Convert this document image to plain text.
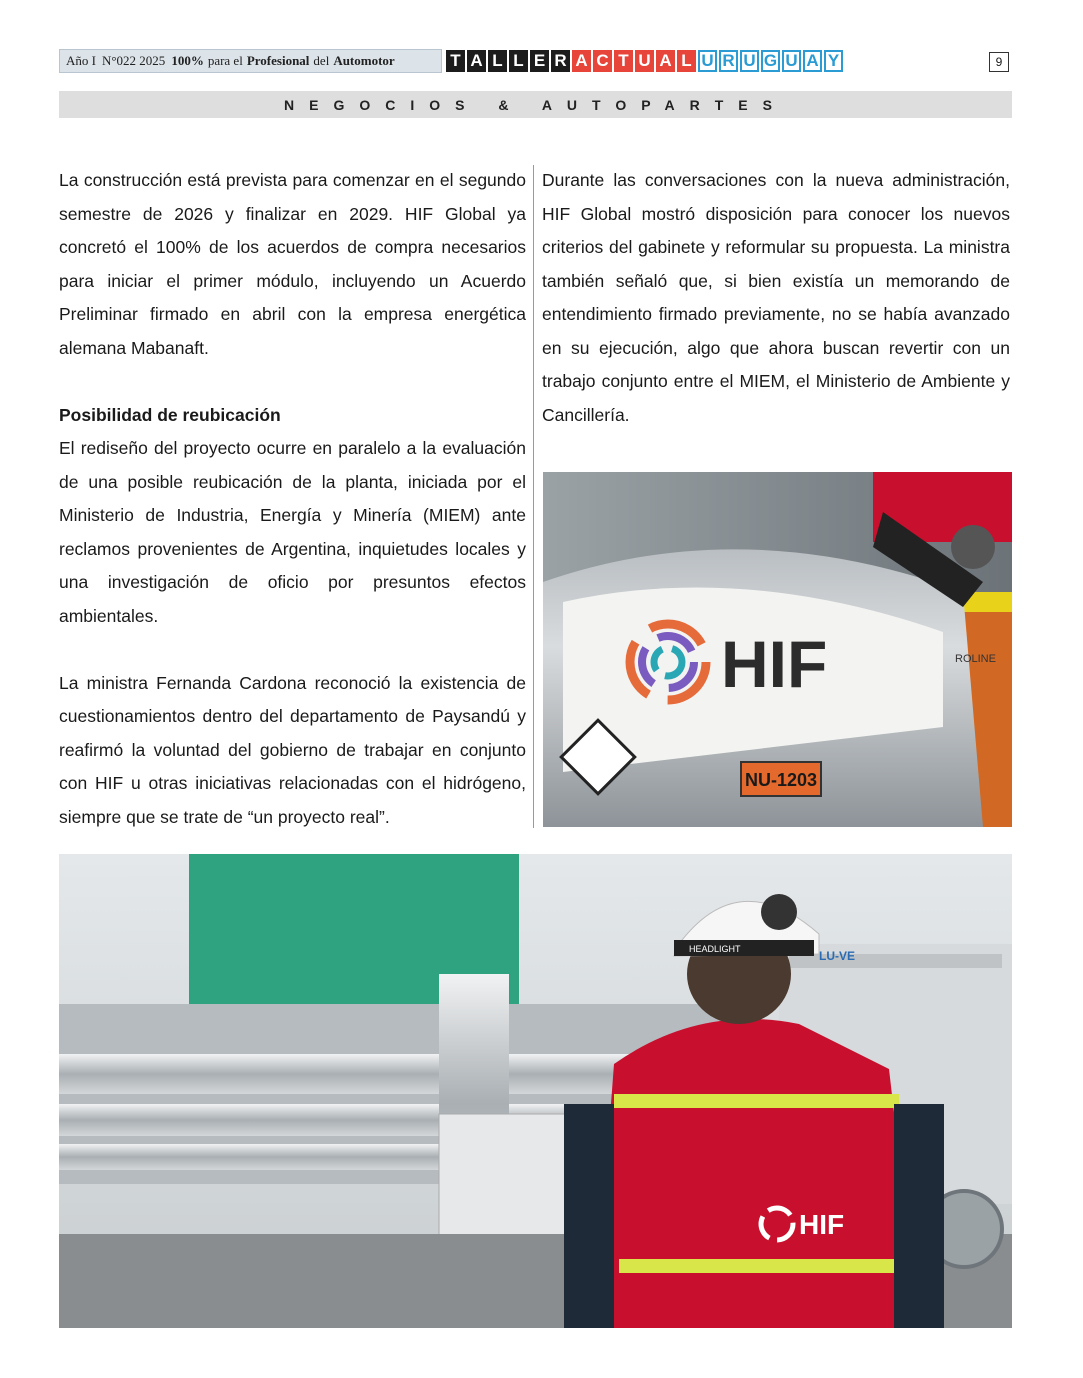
Año I N°022 2025 100% para el Profesional del Automotor	T A L L E R A C T U A L U R U G U A Y	9
NEGOCIOS & AUTOPARTES

La construcción está prevista para comenzar en el segundo semestre de 2026 y finalizar en 2029. HIF Global ya concretó el 100% de los acuerdos de compra necesarios para iniciar el primer módulo, incluyendo un Acuerdo Preliminar firmado en abril con la empresa energética alemana Mabanaft.

Posibilidad de reubicación

El rediseño del proyecto ocurre en paralelo a la evaluación de una posible reubicación de la planta, iniciada por el Ministerio de Industria, Energía y Minería (MIEM) ante reclamos provenientes de Argentina, inquietudes locales y una investigación de oficio por presuntos efectos ambientales.

La ministra Fernanda Cardona reconoció la existencia de cuestionamientos dentro del departamento de Paysandú y reafirmó la voluntad del gobierno de trabajar en conjunto con HIF u otras iniciativas relacionadas con el hidrógeno, siempre que se trate de “un proyecto real”.

Durante las conversaciones con la nueva administración, HIF Global mostró disposición para conocer los nuevos criterios del gabinete y reformular su propuesta. La ministra también señaló que, si bien existía un memorando de entendimiento firmado previamente, no se había avanzado en su ejecución, algo que ahora buscan revertir con un trabajo conjunto entre el MIEM, el Ministerio de Ambiente y Cancillería.

HIF
NU-1203
ROLINE
LU-VE
HEADLIGHT
HIF
